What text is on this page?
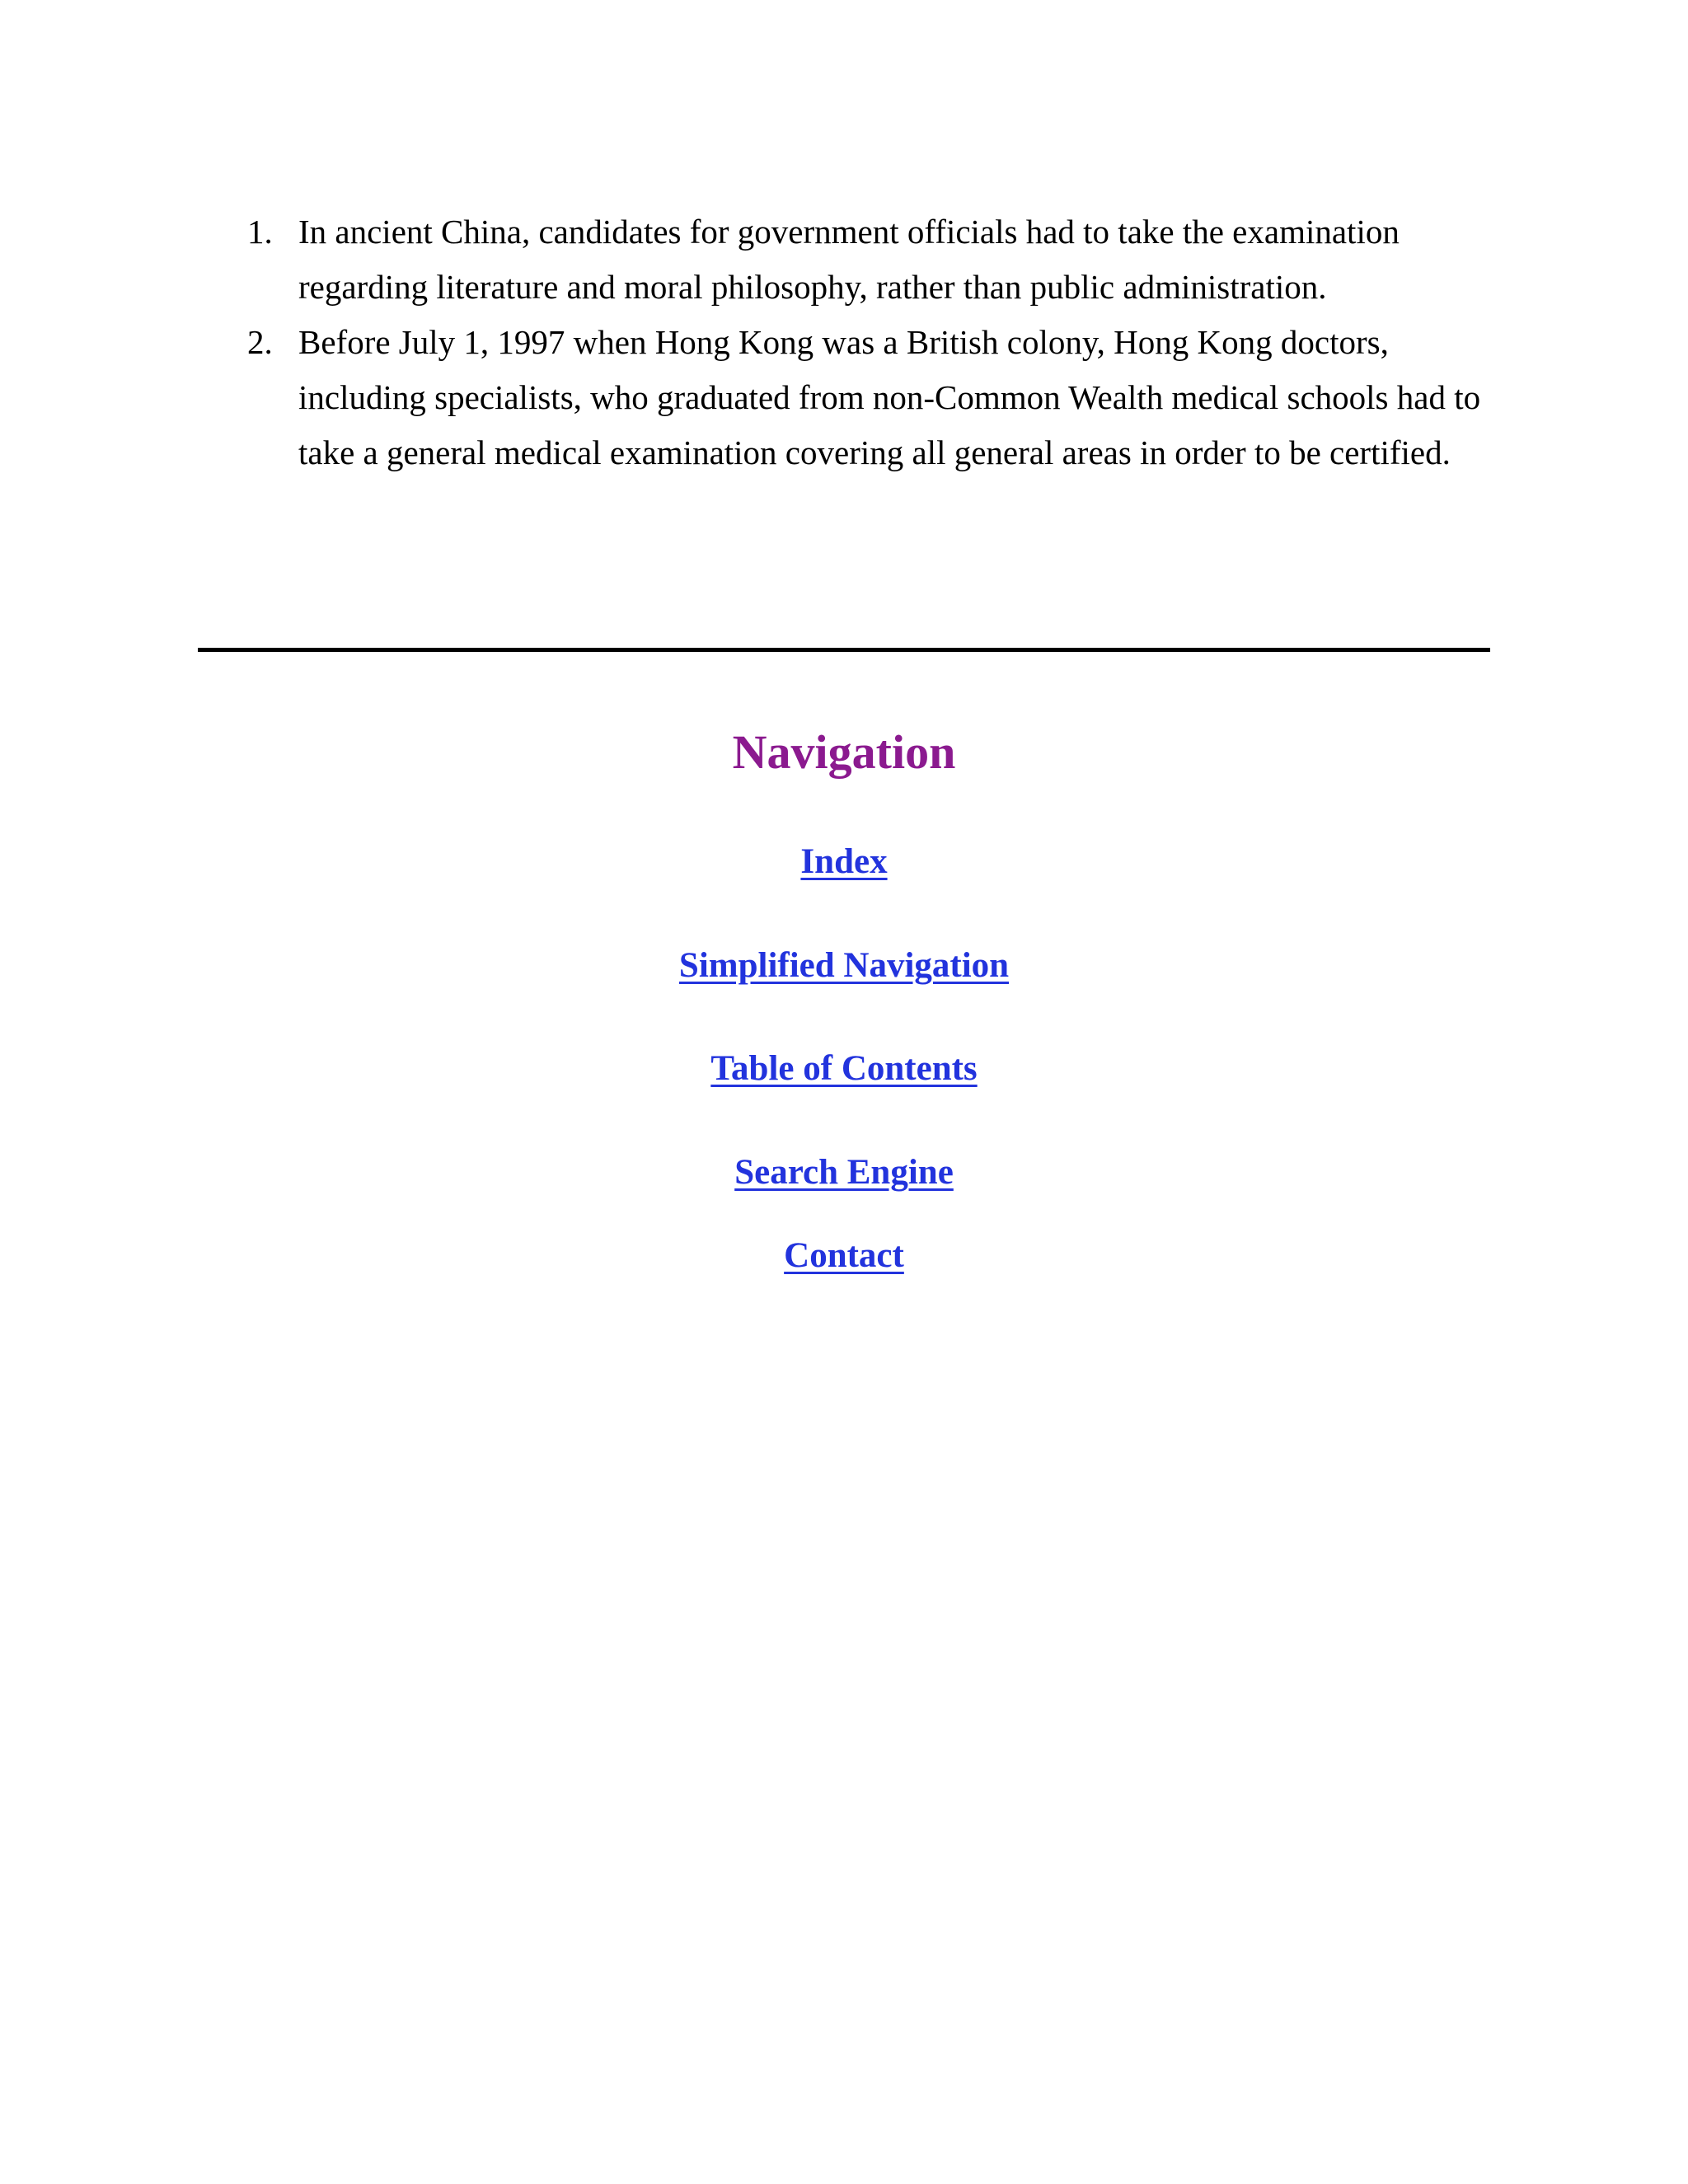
1. In ancient China, candidates for government officials had to take the examination regarding literature and moral philosophy, rather than public administration.
2. Before July 1, 1997 when Hong Kong was a British colony, Hong Kong doctors, including specialists, who graduated from non-Common Wealth medical schools had to take a general medical examination covering all general areas in order to be certified.
Navigation
Index
Simplified Navigation
Table of Contents
Search Engine
Contact
